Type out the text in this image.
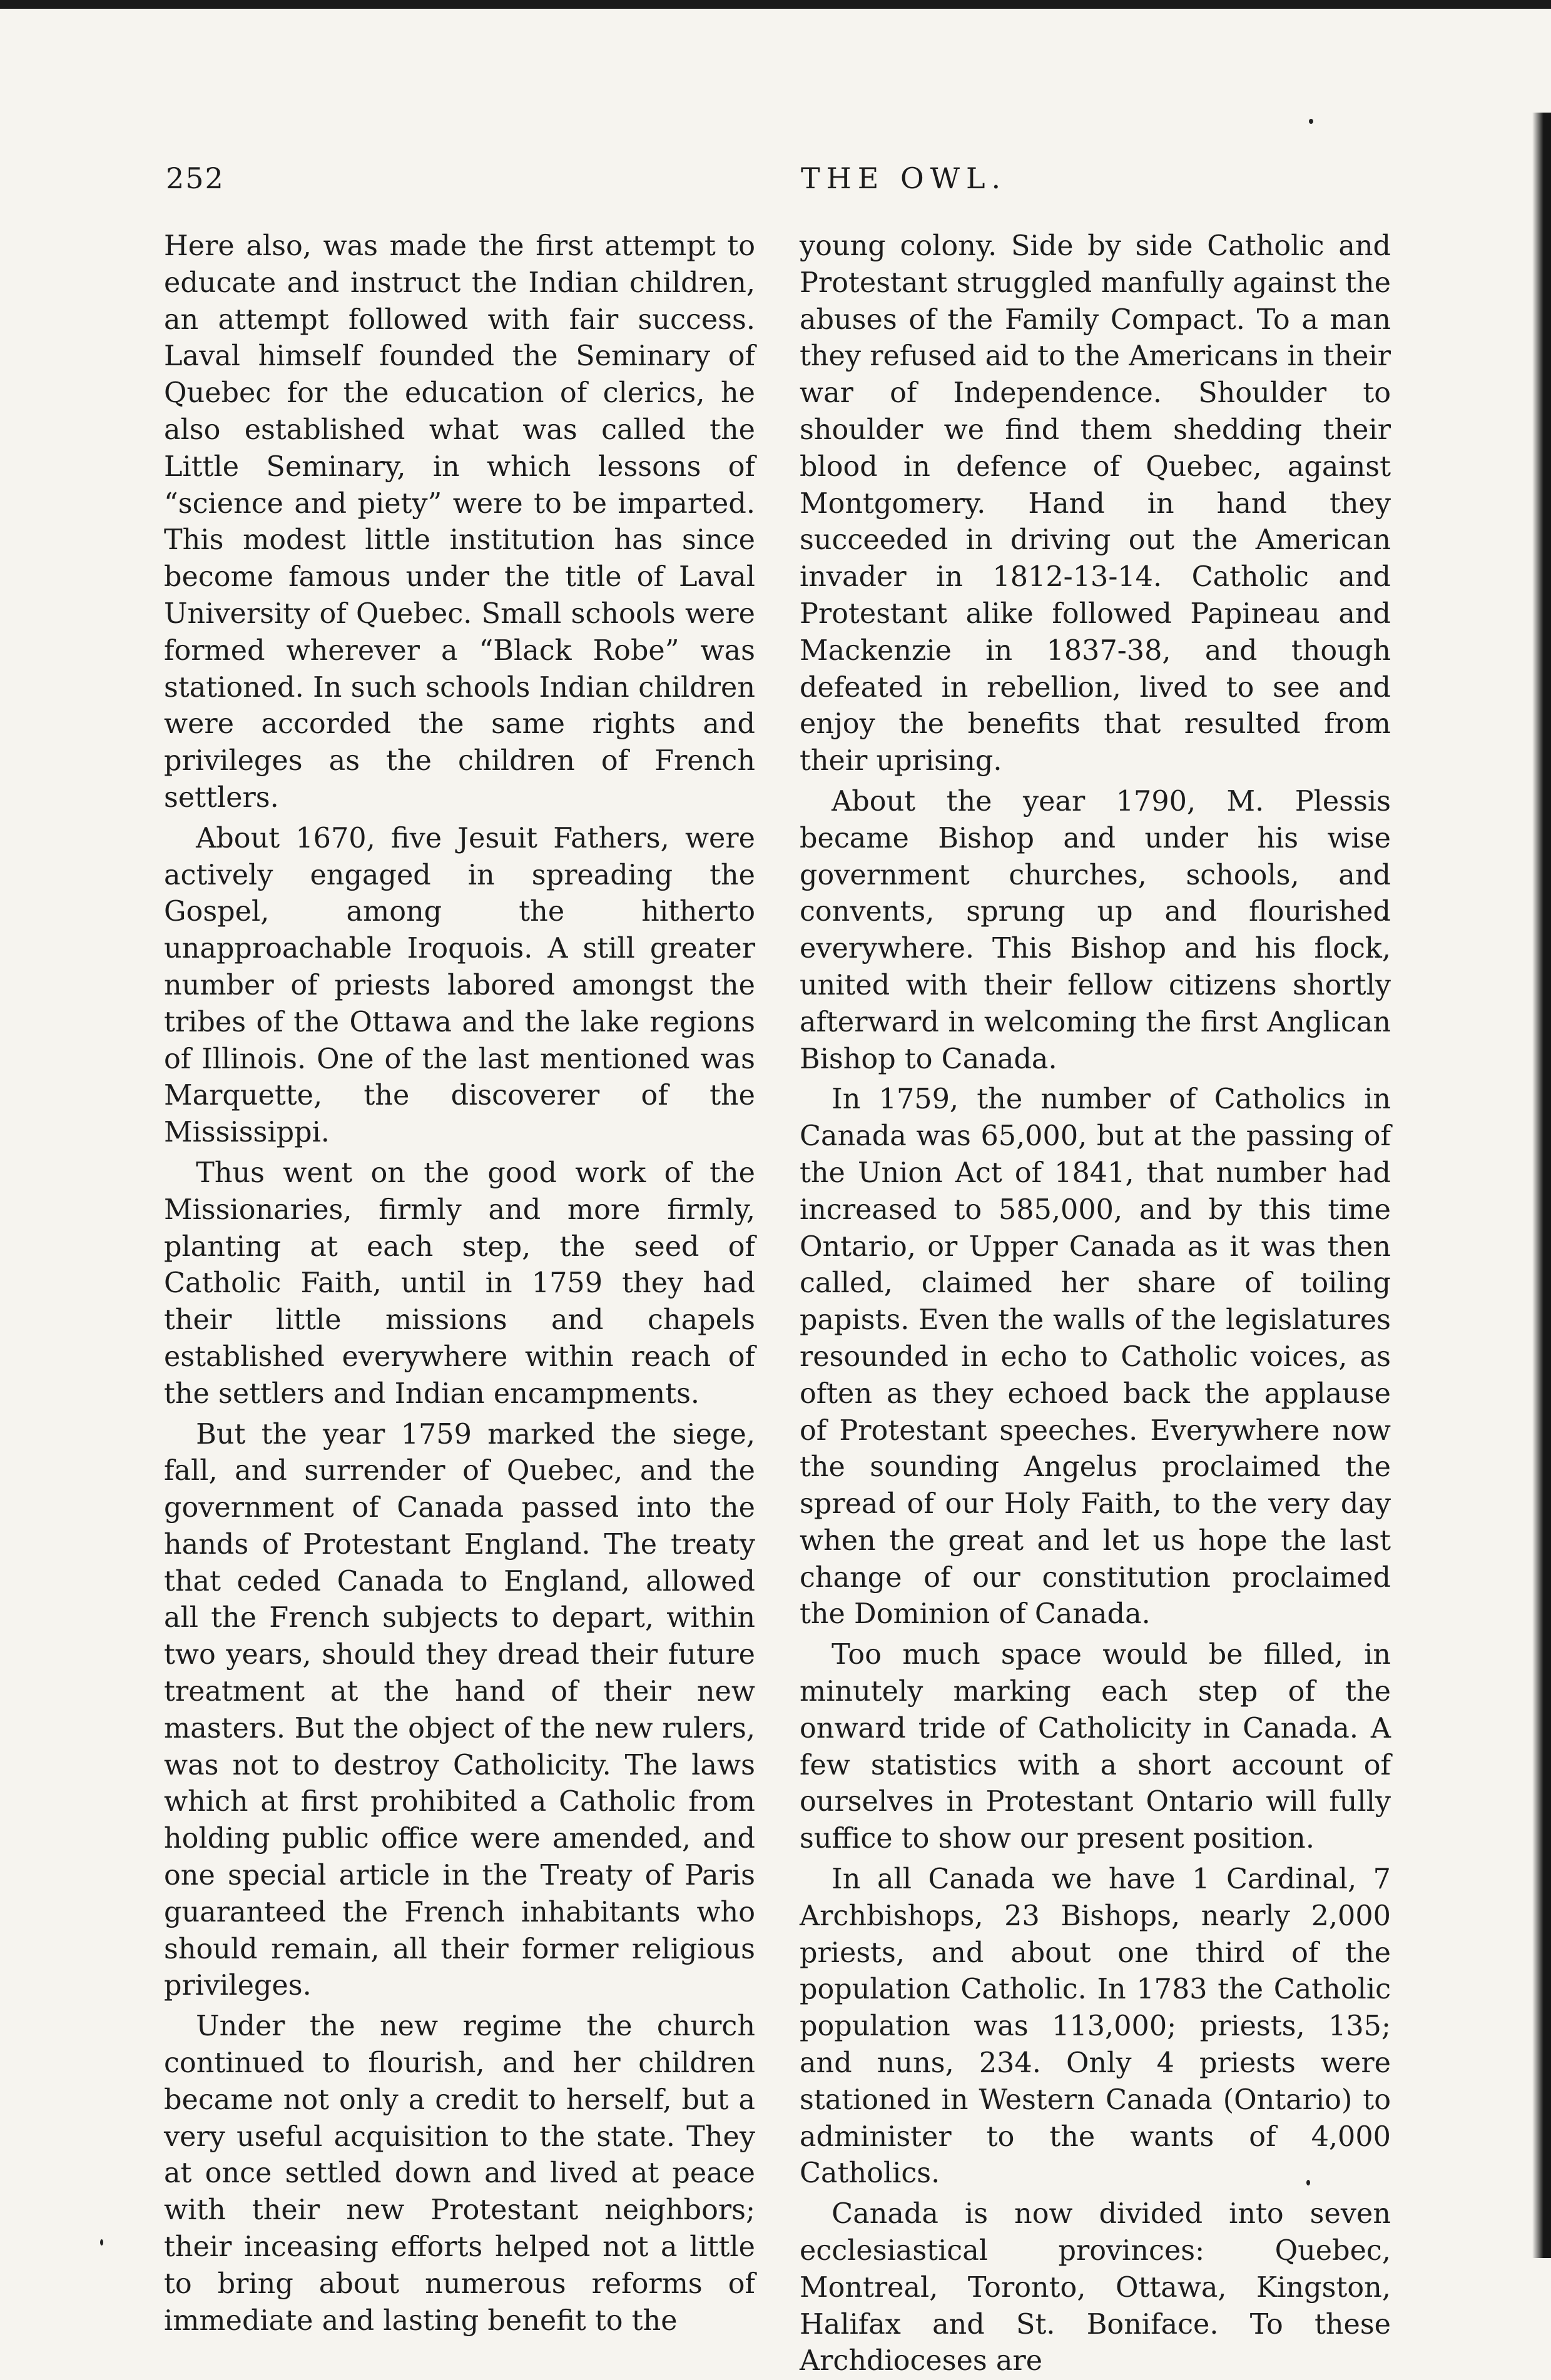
252	THE OWL.

Here also, was made the first attempt to educate and instruct the Indian children, an attempt followed with fair success. Laval himself founded the Seminary of Quebec for the education of clerics, he also established what was called the Little Seminary, in which lessons of “science and piety” were to be imparted. This modest little institution has since become famous under the title of Laval University of Quebec. Small schools were formed wherever a “Black Robe” was stationed. In such schools Indian children were accorded the same rights and privileges as the children of French settlers.

About 1670, five Jesuit Fathers, were actively engaged in spreading the Gospel, among the hitherto unapproachable Iroquois. A still greater number of priests labored amongst the tribes of the Ottawa and the lake regions of Illinois. One of the last mentioned was Marquette, the discoverer of the Mississippi.

Thus went on the good work of the Missionaries, firmly and more firmly, planting at each step, the seed of Catholic Faith, until in 1759 they had their little missions and chapels established everywhere within reach of the settlers and Indian encampments.

But the year 1759 marked the siege, fall, and surrender of Quebec, and the government of Canada passed into the hands of Protestant England. The treaty that ceded Canada to England, allowed all the French subjects to depart, within two years, should they dread their future treatment at the hand of their new masters. But the object of the new rulers, was not to destroy Catholicity. The laws which at first prohibited a Catholic from holding public office were amended, and one special article in the Treaty of Paris guaranteed the French inhabitants who should remain, all their former religious privileges.

Under the new regime the church continued to flourish, and her children became not only a credit to herself, but a very useful acquisition to the state. They at once settled down and lived at peace with their new Protestant neighbors; their inceasing efforts helped not a little to bring about numerous reforms of immediate and lasting benefit to the

young colony. Side by side Catholic and Protestant struggled manfully against the abuses of the Family Compact. To a man they refused aid to the Americans in their war of Independence. Shoulder to shoulder we find them shedding their blood in defence of Quebec, against Montgomery. Hand in hand they succeeded in driving out the American invader in 1812-13-14. Catholic and Protestant alike followed Papineau and Mackenzie in 1837-38, and though defeated in rebellion, lived to see and enjoy the benefits that resulted from their uprising.

About the year 1790, M. Plessis became Bishop and under his wise government churches, schools, and convents, sprung up and flourished everywhere. This Bishop and his flock, united with their fellow citizens shortly afterward in welcoming the first Anglican Bishop to Canada.

In 1759, the number of Catholics in Canada was 65,000, but at the passing of the Union Act of 1841, that number had increased to 585,000, and by this time Ontario, or Upper Canada as it was then called, claimed her share of toiling papists. Even the walls of the legislatures resounded in echo to Catholic voices, as often as they echoed back the applause of Protestant speeches. Everywhere now the sounding Angelus proclaimed the spread of our Holy Faith, to the very day when the great and let us hope the last change of our constitution proclaimed the Dominion of Canada.

Too much space would be filled, in minutely marking each step of the onward tride of Catholicity in Canada. A few statistics with a short account of ourselves in Protestant Ontario will fully suffice to show our present position.

In all Canada we have 1 Cardinal, 7 Archbishops, 23 Bishops, nearly 2,000 priests, and about one third of the population Catholic. In 1783 the Catholic population was 113,000; priests, 135; and nuns, 234. Only 4 priests were stationed in Western Canada (Ontario) to administer to the wants of 4,000 Catholics.

Canada is now divided into seven ecclesiastical provinces: Quebec, Montreal, Toronto, Ottawa, Kingston, Halifax and St. Boniface. To these Archdioceses are
